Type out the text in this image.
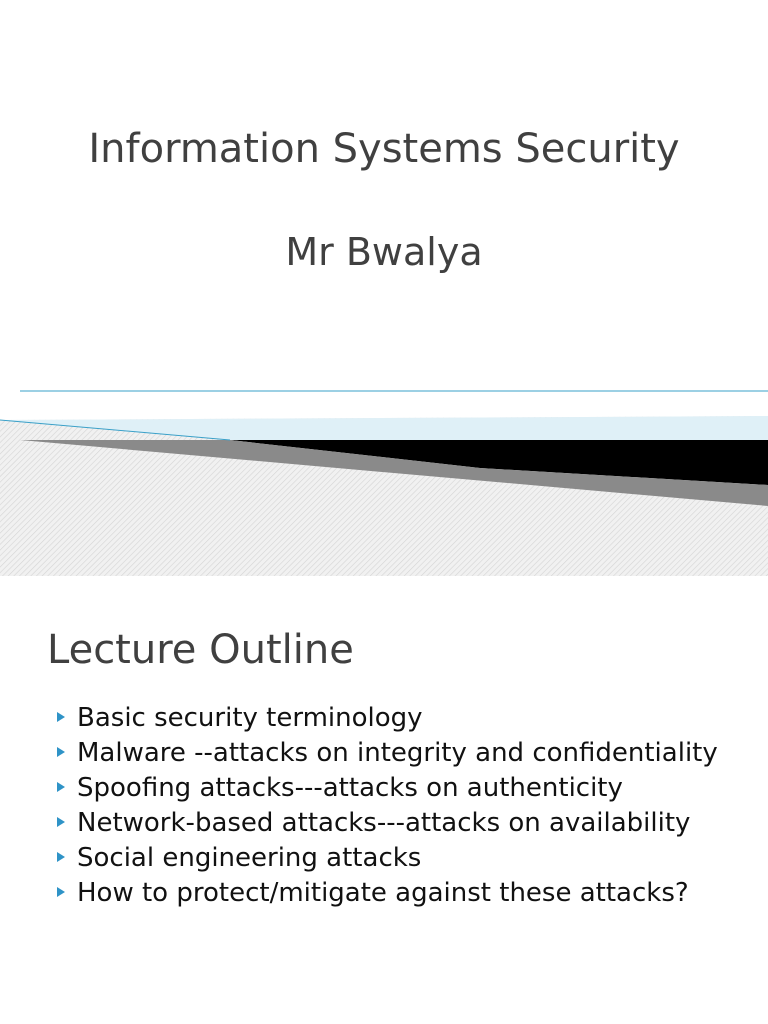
Information Systems Security
Mr Bwalya
Lecture Outline
Basic security terminology
Malware --attacks on integrity and confidentiality
Spoofing attacks---attacks on authenticity
Network-based attacks---attacks on availability
Social engineering attacks
How to protect/mitigate against these attacks?
